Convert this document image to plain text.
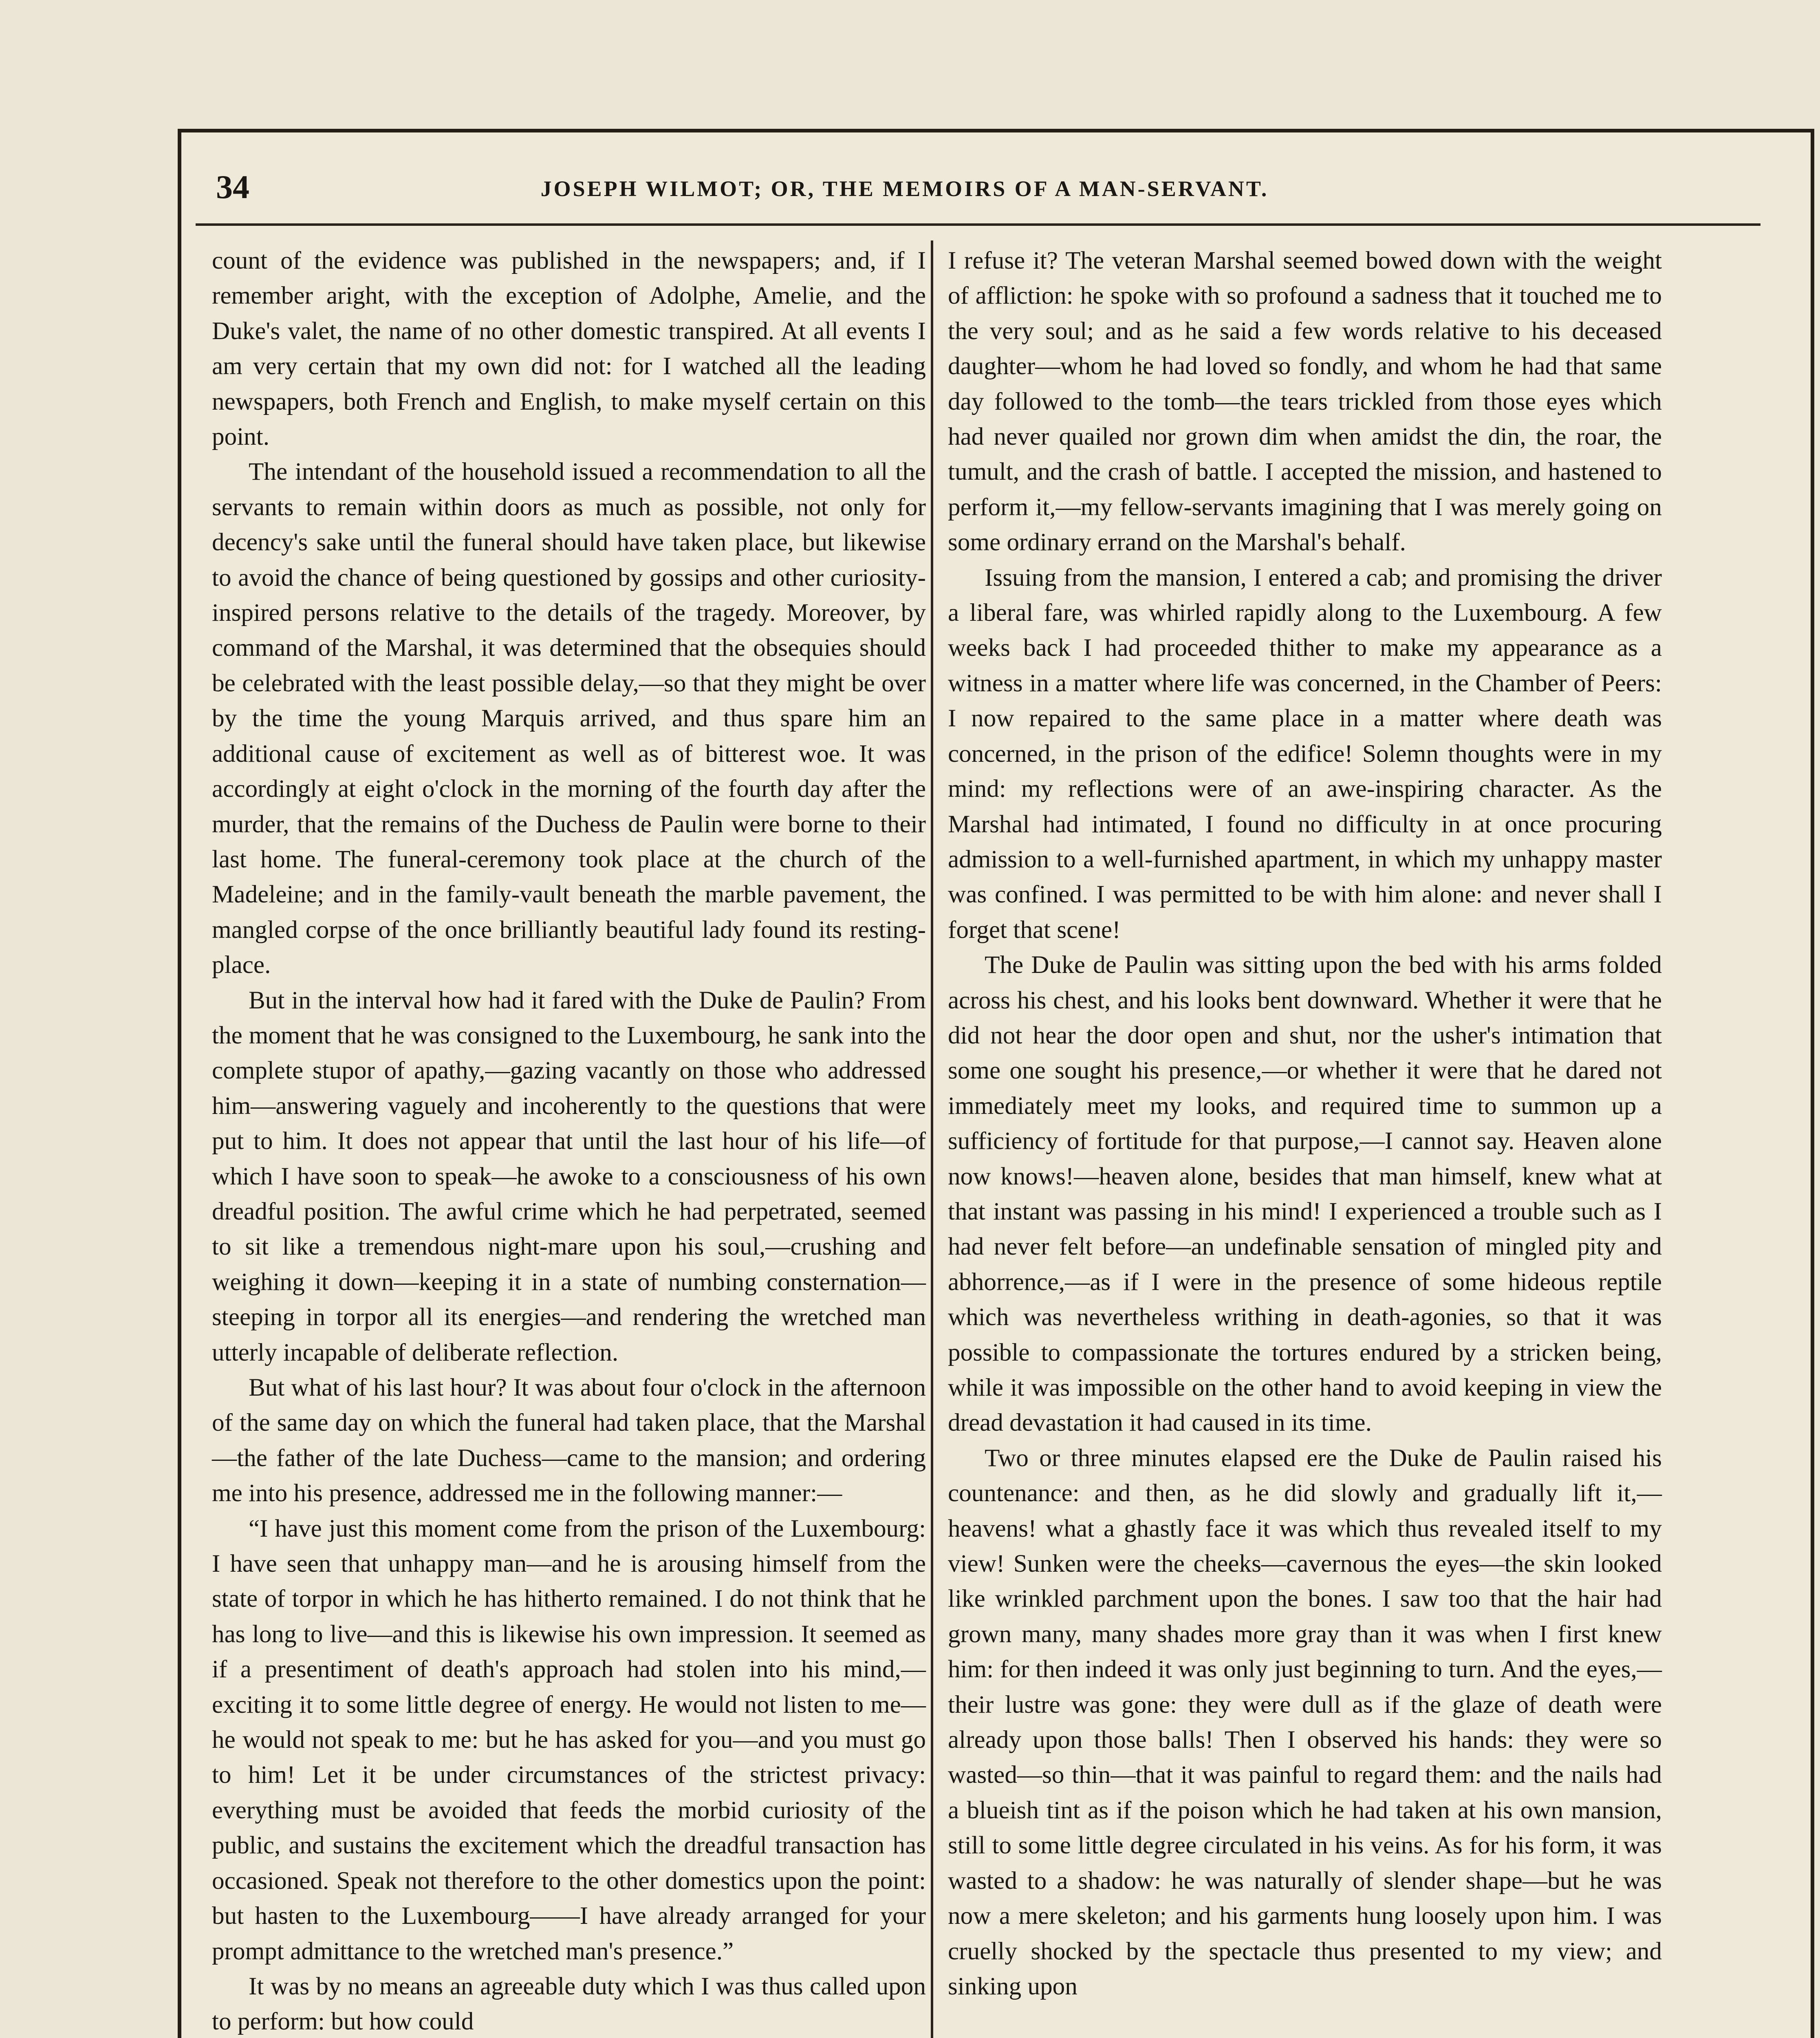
34	JOSEPH WILMOT; OR, THE MEMOIRS OF A MAN-SERVANT.

count of the evidence was published in the newspapers; and, if I remember aright, with the exception of Adolphe, Amelie, and the Duke's valet, the name of no other domestic transpired. At all events I am very certain that my own did not: for I watched all the leading newspapers, both French and English, to make myself certain on this point.

The intendant of the household issued a recommendation to all the servants to remain within doors as much as possible, not only for decency's sake until the funeral should have taken place, but likewise to avoid the chance of being questioned by gossips and other curiosity-inspired persons relative to the details of the tragedy. Moreover, by command of the Marshal, it was determined that the obsequies should be celebrated with the least possible delay,—so that they might be over by the time the young Marquis arrived, and thus spare him an additional cause of excitement as well as of bitterest woe. It was accordingly at eight o'clock in the morning of the fourth day after the murder, that the remains of the Duchess de Paulin were borne to their last home. The funeral-ceremony took place at the church of the Madeleine; and in the family-vault beneath the marble pavement, the mangled corpse of the once brilliantly beautiful lady found its resting-place.

But in the interval how had it fared with the Duke de Paulin? From the moment that he was consigned to the Luxembourg, he sank into the complete stupor of apathy,—gazing vacantly on those who addressed him—answering vaguely and incoherently to the questions that were put to him. It does not appear that until the last hour of his life—of which I have soon to speak—he awoke to a consciousness of his own dreadful position. The awful crime which he had perpetrated, seemed to sit like a tremendous night-mare upon his soul,—crushing and weighing it down—keeping it in a state of numbing consternation—steeping in torpor all its energies—and rendering the wretched man utterly incapable of deliberate reflection.

But what of his last hour? It was about four o'clock in the afternoon of the same day on which the funeral had taken place, that the Marshal—the father of the late Duchess—came to the mansion; and ordering me into his presence, addressed me in the following manner:—

“I have just this moment come from the prison of the Luxembourg: I have seen that unhappy man—and he is arousing himself from the state of torpor in which he has hitherto remained. I do not think that he has long to live—and this is likewise his own impression. It seemed as if a presentiment of death's approach had stolen into his mind,—exciting it to some little degree of energy. He would not listen to me—he would not speak to me: but he has asked for you—and you must go to him! Let it be under circumstances of the strictest privacy: everything must be avoided that feeds the morbid curiosity of the public, and sustains the excitement which the dreadful transaction has occasioned. Speak not therefore to the other domestics upon the point: but hasten to the Luxembourg——I have already arranged for your prompt admittance to the wretched man's presence.”

It was by no means an agreeable duty which I was thus called upon to perform: but how could

I refuse it? The veteran Marshal seemed bowed down with the weight of affliction: he spoke with so profound a sadness that it touched me to the very soul; and as he said a few words relative to his deceased daughter—whom he had loved so fondly, and whom he had that same day followed to the tomb—the tears trickled from those eyes which had never quailed nor grown dim when amidst the din, the roar, the tumult, and the crash of battle. I accepted the mission, and hastened to perform it,—my fellow-servants imagining that I was merely going on some ordinary errand on the Marshal's behalf.

Issuing from the mansion, I entered a cab; and promising the driver a liberal fare, was whirled rapidly along to the Luxembourg. A few weeks back I had proceeded thither to make my appearance as a witness in a matter where life was concerned, in the Chamber of Peers: I now repaired to the same place in a matter where death was concerned, in the prison of the edifice! Solemn thoughts were in my mind: my reflections were of an awe-inspiring character. As the Marshal had intimated, I found no difficulty in at once procuring admission to a well-furnished apartment, in which my unhappy master was confined. I was permitted to be with him alone: and never shall I forget that scene!

The Duke de Paulin was sitting upon the bed with his arms folded across his chest, and his looks bent downward. Whether it were that he did not hear the door open and shut, nor the usher's intimation that some one sought his presence,—or whether it were that he dared not immediately meet my looks, and required time to summon up a sufficiency of fortitude for that purpose,—I cannot say. Heaven alone now knows!—heaven alone, besides that man himself, knew what at that instant was passing in his mind! I experienced a trouble such as I had never felt before—an undefinable sensation of mingled pity and abhorrence,—as if I were in the presence of some hideous reptile which was nevertheless writhing in death-agonies, so that it was possible to compassionate the tortures endured by a stricken being, while it was impossible on the other hand to avoid keeping in view the dread devastation it had caused in its time.

Two or three minutes elapsed ere the Duke de Paulin raised his countenance: and then, as he did slowly and gradually lift it,—heavens! what a ghastly face it was which thus revealed itself to my view! Sunken were the cheeks—cavernous the eyes—the skin looked like wrinkled parchment upon the bones. I saw too that the hair had grown many, many shades more gray than it was when I first knew him: for then indeed it was only just beginning to turn. And the eyes,—their lustre was gone: they were dull as if the glaze of death were already upon those balls! Then I observed his hands: they were so wasted—so thin—that it was painful to regard them: and the nails had a blueish tint as if the poison which he had taken at his own mansion, still to some little degree circulated in his veins. As for his form, it was wasted to a shadow: he was naturally of slender shape—but he was now a mere skeleton; and his garments hung loosely upon him. I was cruelly shocked by the spectacle thus presented to my view; and sinking upon
